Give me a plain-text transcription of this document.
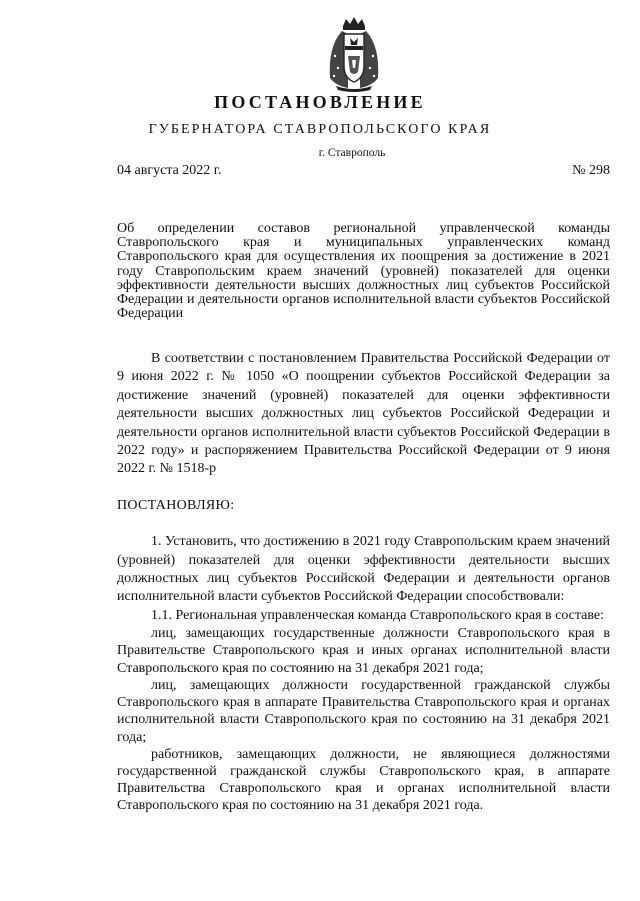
ПОСТАНОВЛЕНИЕ
ГУБЕРНАТОРА СТАВРОПОЛЬСКОГО КРАЯ
г. Ставрополь
04 августа 2022 г.	№ 298

Об определении составов региональной управленческой команды Ставропольского края и муниципальных управленческих команд Ставропольского края для осуществления их поощрения за достижение в 2021 году Ставропольским краем значений (уровней) показателей для оценки эффективности деятельности высших должностных лиц субъектов Российской Федерации и деятельности органов исполнительной власти субъектов Российской Федерации

В соответствии с постановлением Правительства Российской Федерации от 9 июня 2022 г. № 1050 «О поощрении субъектов Российской Федерации за достижение значений (уровней) показателей для оценки эффективности деятельности высших должностных лиц субъектов Российской Федерации и деятельности органов исполнительной власти субъектов Российской Федерации в 2022 году» и распоряжением Правительства Российской Федерации от 9 июня 2022 г. № 1518-р

ПОСТАНОВЛЯЮ:

1. Установить, что достижению в 2021 году Ставропольским краем значений (уровней) показателей для оценки эффективности деятельности высших должностных лиц субъектов Российской Федерации и деятельности органов исполнительной власти субъектов Российской Федерации способствовали:

1.1. Региональная управленческая команда Ставропольского края в составе:

лиц, замещающих государственные должности Ставропольского края в Правительстве Ставропольского края и иных органах исполнительной власти Ставропольского края по состоянию на 31 декабря 2021 года;

лиц, замещающих должности государственной гражданской службы Ставропольского края в аппарате Правительства Ставропольского края и органах исполнительной власти Ставропольского края по состоянию на 31 декабря 2021 года;

работников, замещающих должности, не являющиеся должностями государственной гражданской службы Ставропольского края, в аппарате Правительства Ставропольского края и органах исполнительной власти Ставропольского края по состоянию на 31 декабря 2021 года.
